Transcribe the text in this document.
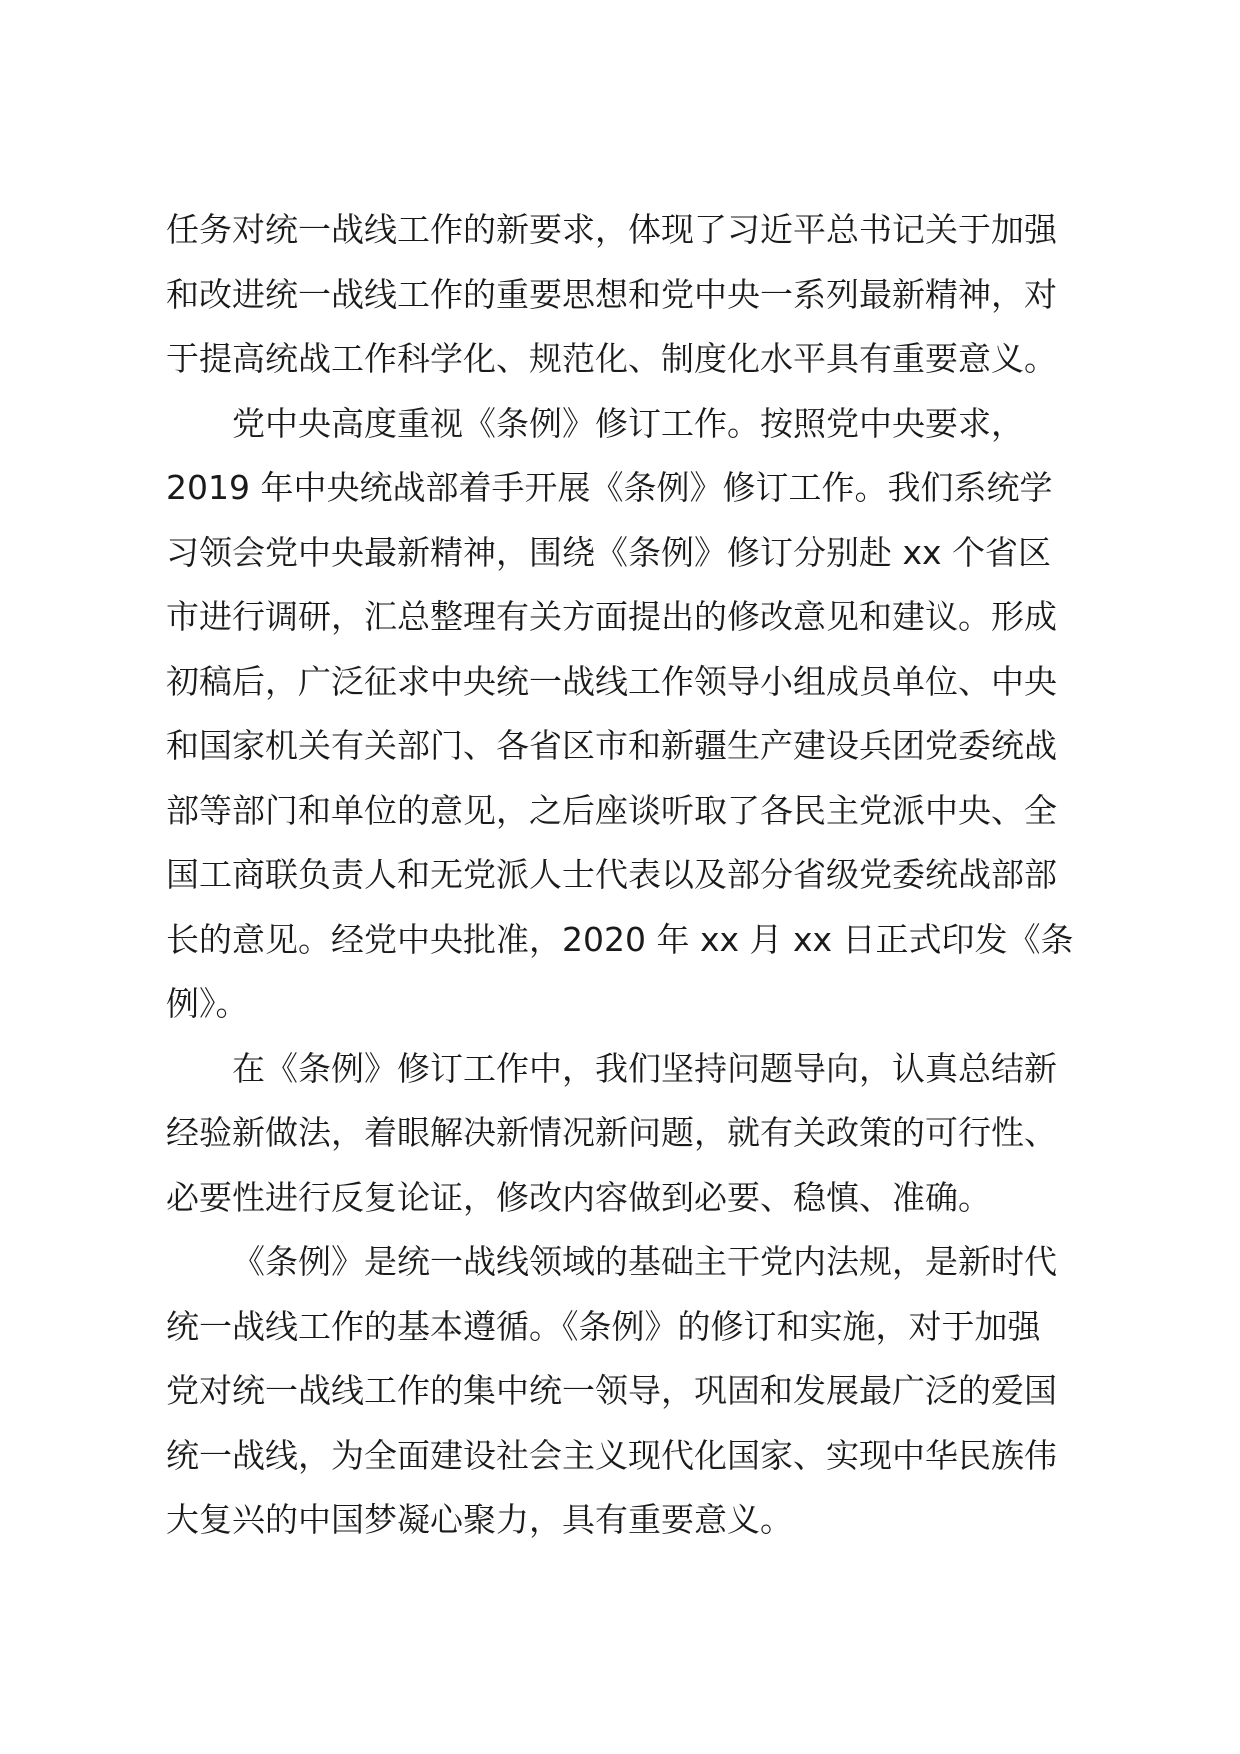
任务对统一战线工作的新要求，体现了习近平总书记关于加强
和改进统一战线工作的重要思想和党中央一系列最新精神，对
于提高统战工作科学化、规范化、制度化水平具有重要意义。
党中央高度重视《条例》修订工作。按照党中央要求，
2019 年中央统战部着手开展《条例》修订工作。我们系统学
习领会党中央最新精神，围绕《条例》修订分别赴 xx 个省区
市进行调研，汇总整理有关方面提出的修改意见和建议。形成
初稿后，广泛征求中央统一战线工作领导小组成员单位、中央
和国家机关有关部门、各省区市和新疆生产建设兵团党委统战
部等部门和单位的意见，之后座谈听取了各民主党派中央、全
国工商联负责人和无党派人士代表以及部分省级党委统战部部
长的意见。经党中央批准，2020 年 xx 月 xx 日正式印发《条
例》。
在《条例》修订工作中，我们坚持问题导向，认真总结新
经验新做法，着眼解决新情况新问题，就有关政策的可行性、
必要性进行反复论证，修改内容做到必要、稳慎、准确。
《条例》是统一战线领域的基础主干党内法规，是新时代
统一战线工作的基本遵循。《条例》的修订和实施，对于加强
党对统一战线工作的集中统一领导，巩固和发展最广泛的爱国
统一战线，为全面建设社会主义现代化国家、实现中华民族伟
大复兴的中国梦凝心聚力，具有重要意义。
